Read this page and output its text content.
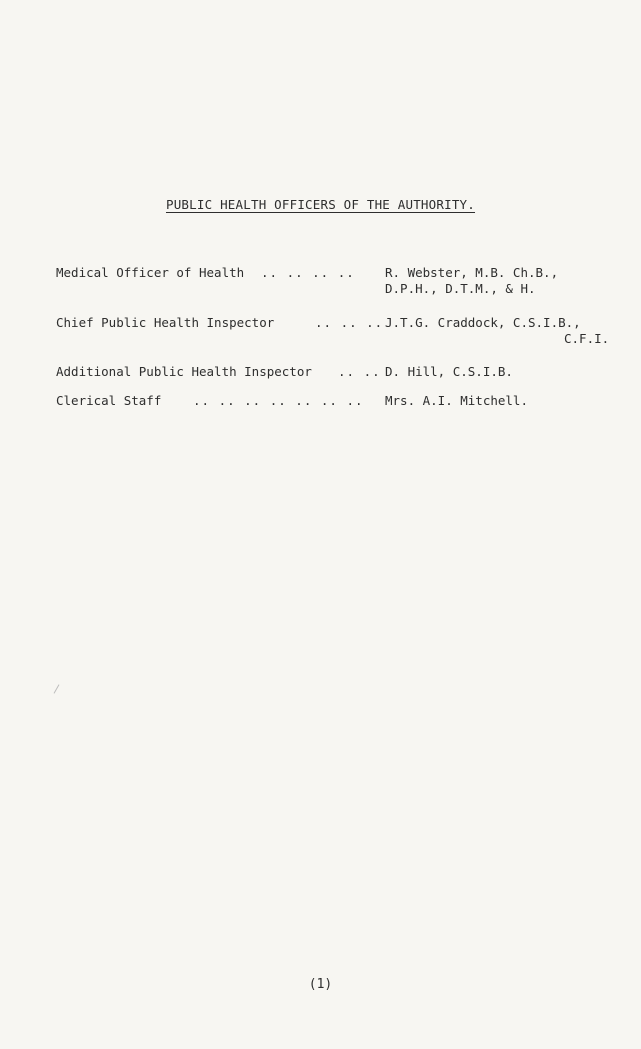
PUBLIC HEALTH OFFICERS OF THE AUTHORITY.

Medical Officer of Health

.. .. .. ..

R. Webster, M.B. Ch.B.,

D.P.H., D.T.M., & H.

Chief Public Health Inspector

	.. .. ..

J.T.G. Craddock, C.S.I.B.,

C.F.I.

Additional Public Health Inspector

.. ..

D. Hill, C.S.I.B.

Clerical Staff

	.. .. .. .. .. .. ..

Mrs. A.I. Mitchell.

(1)
